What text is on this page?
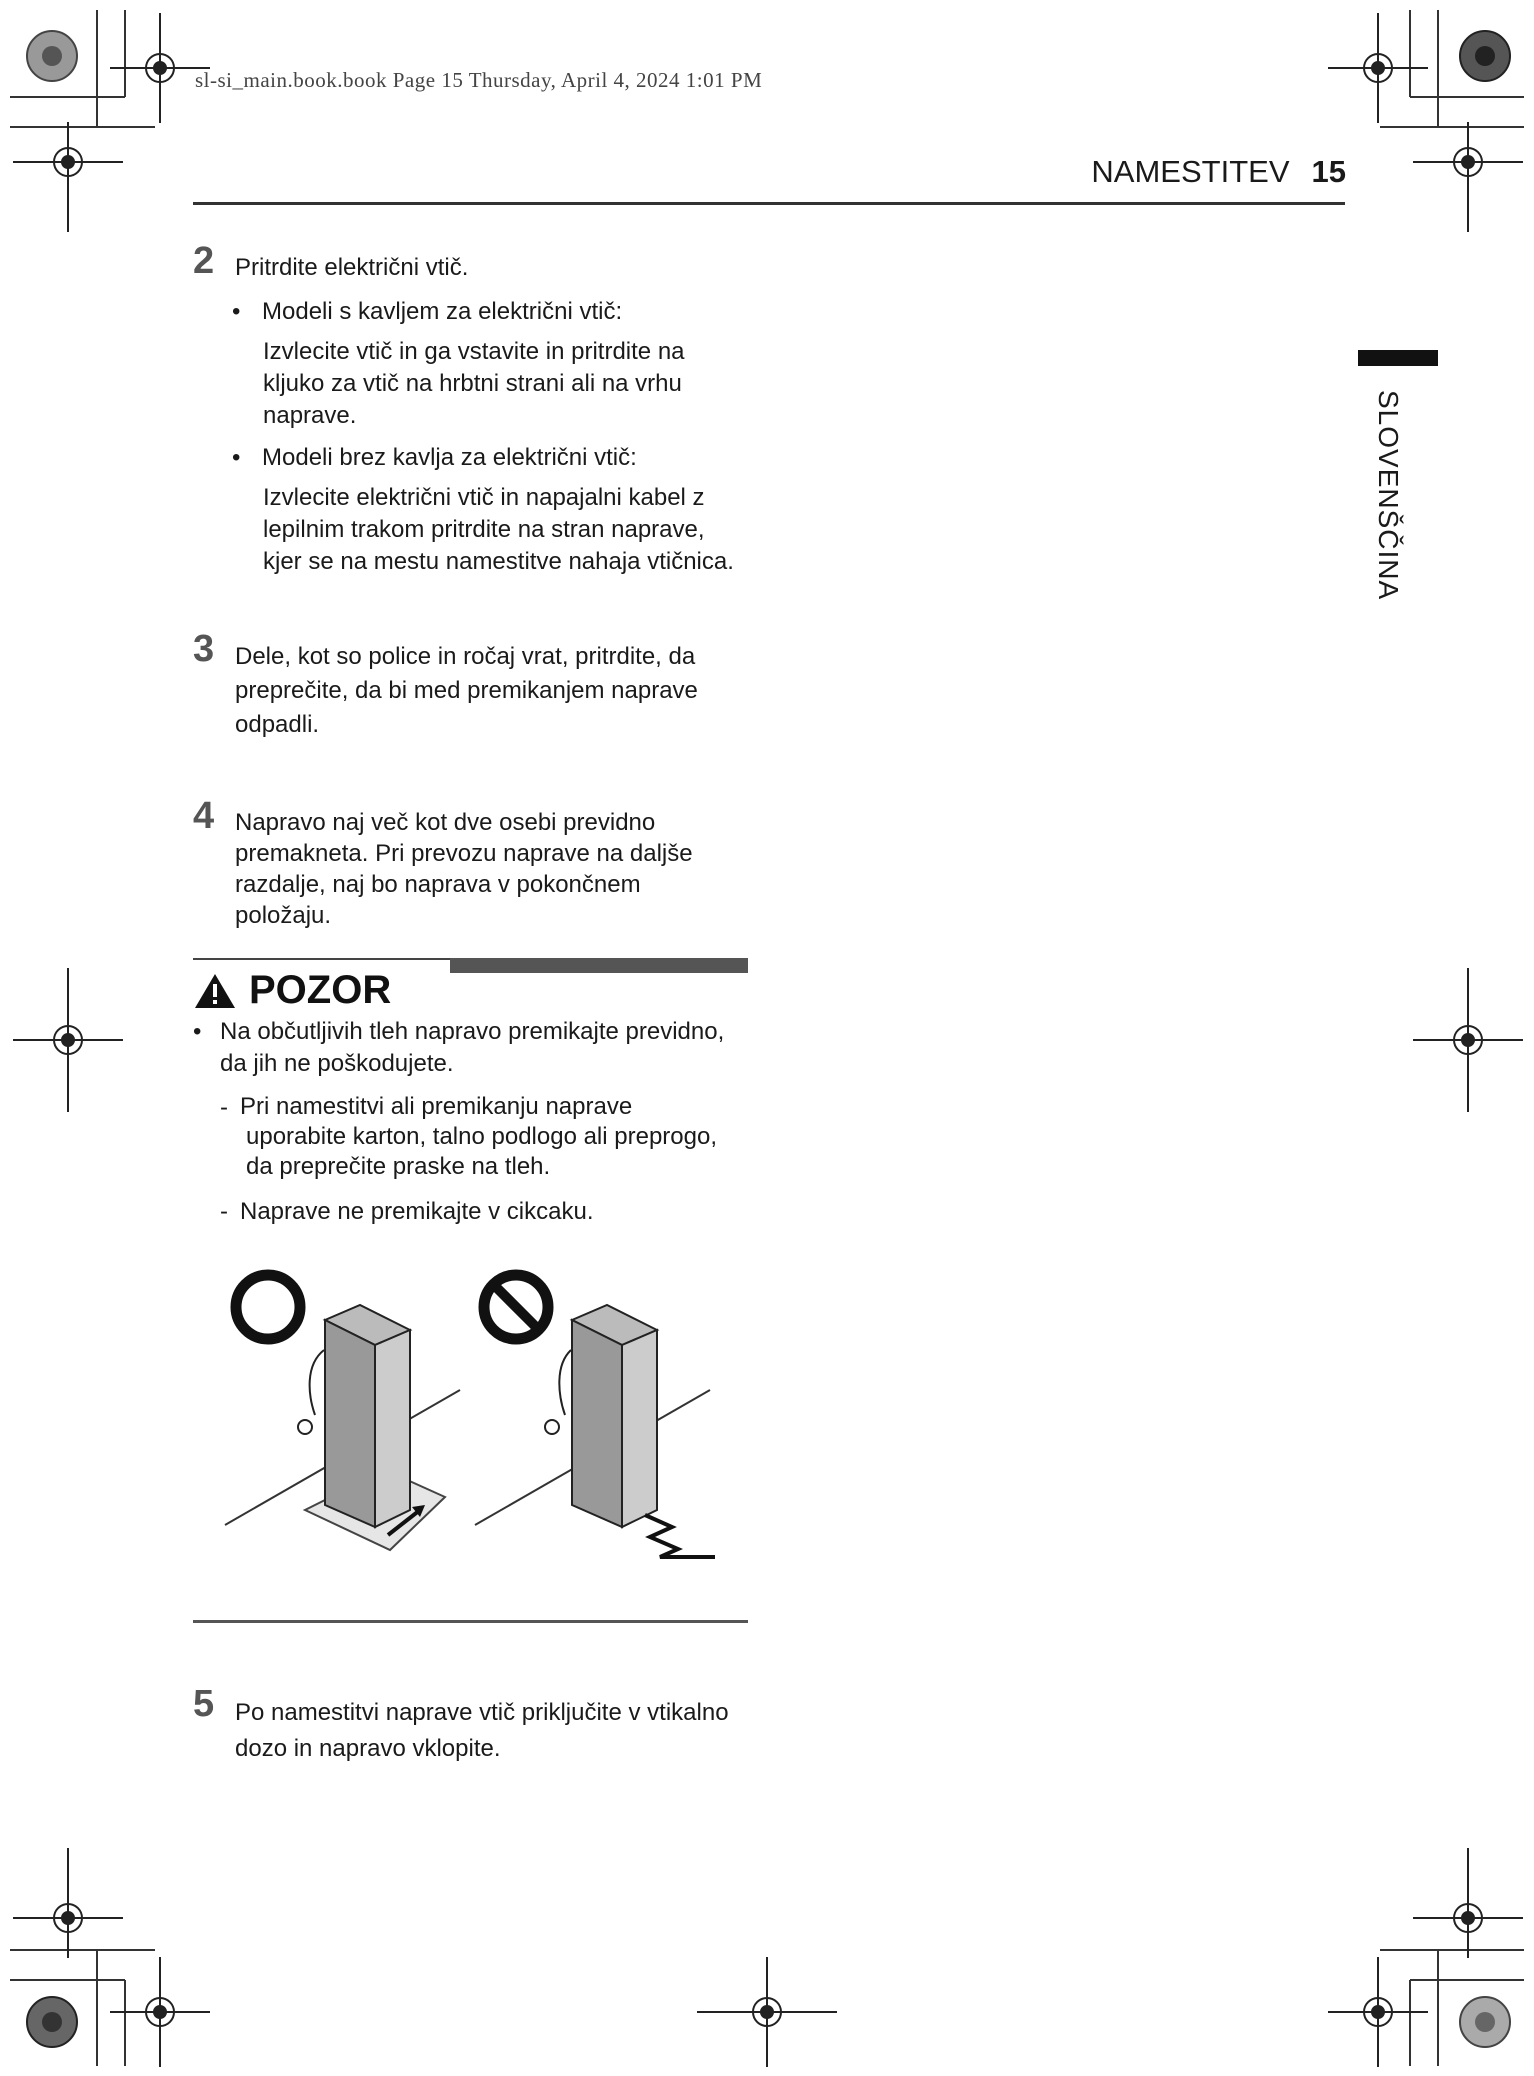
sl-si_main.book.book Page 15 Thursday, April 4, 2024 1:01 PM
NAMESTITEV 15
SLOVENŠČINA
2 Pritrdite električni vtič.
• Modeli s kavljem za električni vtič:
Izvlecite vtič in ga vstavite in pritrdite na
kljuko za vtič na hrbtni strani ali na vrhu
naprave.
• Modeli brez kavlja za električni vtič:
Izvlecite električni vtič in napajalni kabel z
lepilnim trakom pritrdite na stran naprave,
kjer se na mestu namestitve nahaja vtičnica.
3 Dele, kot so police in ročaj vrat, pritrdite, da
preprečite, da bi med premikanjem naprave
odpadli.
4 Napravo naj več kot dve osebi previdno
premakneta. Pri prevozu naprave na daljše
razdalje, naj bo naprava v pokončnem
položaju.
POZOR
• Na občutljivih tleh napravo premikajte previdno,
da jih ne poškodujete.
- Pri namestitvi ali premikanju naprave
uporabite karton, talno podlogo ali preprogo,
da preprečite praske na tleh.
- Naprave ne premikajte v cikcaku.
5 Po namestitvi naprave vtič priključite v vtikalno
dozo in napravo vklopite.
